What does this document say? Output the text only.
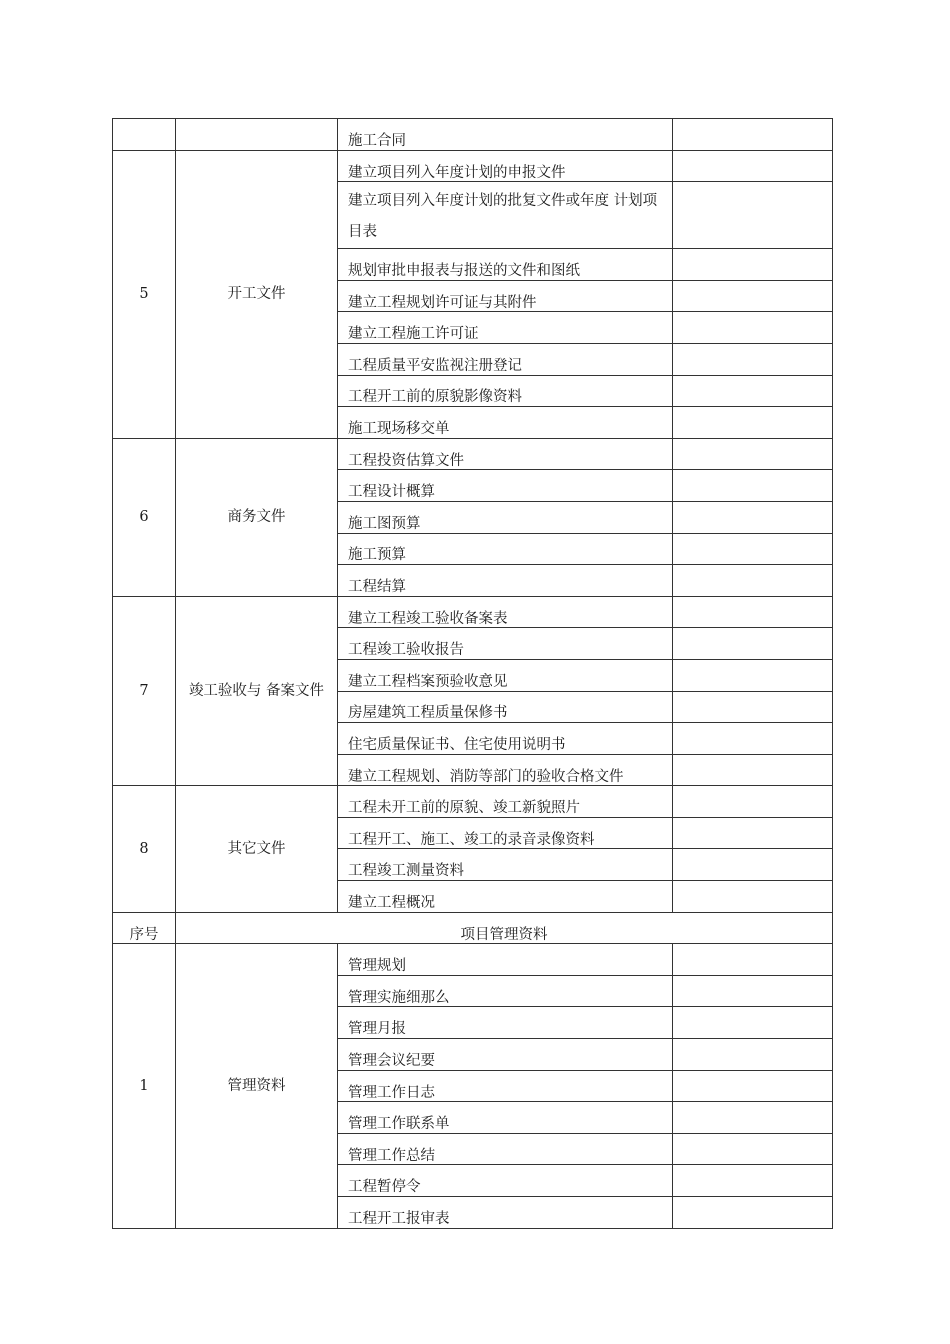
		施工合同	
5	开工文件	建立项目列入年度计划的申报文件	
		建立项目列入年度计划的批复文件或年度 计划项目表	
		规划审批申报表与报送的文件和图纸	
		建立工程规划许可证与其附件	
		建立工程施工许可证	
		工程质量平安监视注册登记	
		工程开工前的原貌影像资料	
		施工现场移交单	
6	商务文件	工程投资估算文件	
		工程设计概算	
		施工图预算	
		施工预算	
		工程结算	
7	竣工验收与 备案文件	建立工程竣工验收备案表	
		工程竣工验收报告	
		建立工程档案预验收意见	
		房屋建筑工程质量保修书	
		住宅质量保证书、住宅使用说明书	
		建立工程规划、消防等部门的验收合格文件	
8	其它文件	工程未开工前的原貌、竣工新貌照片	
		工程开工、施工、竣工的录音录像资料	
		工程竣工测量资料	
		建立工程概况	
序号	项目管理资料		
1	管理资料	管理规划	
		管理实施细那么	
		管理月报	
		管理会议纪要	
		管理工作日志	
		管理工作联系单	
		管理工作总结	
		工程暂停令	
		工程开工报审表	
